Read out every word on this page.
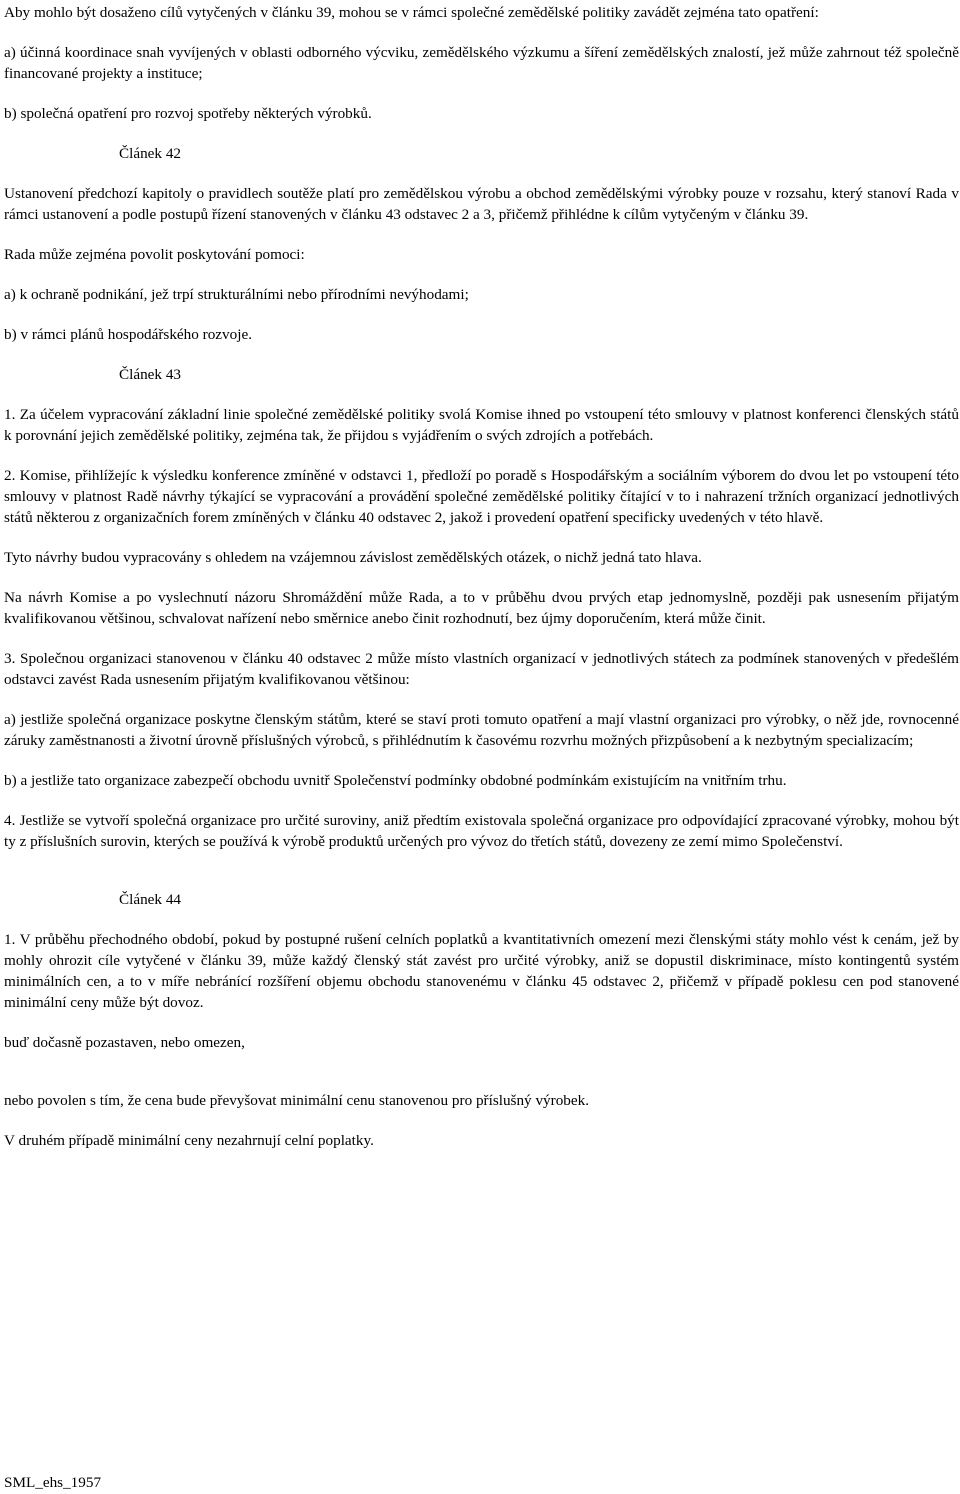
Aby mohlo být dosaženo cílů vytyčených v článku 39, mohou se v rámci společné zemědělské politiky zavádět zejména tato opatření:

a) účinná koordinace snah vyvíjených v oblasti odborného výcviku, zemědělského výzkumu a šíření zemědělských znalostí, jež může zahrnout též společně financované projekty a instituce;

b) společná opatření pro rozvoj spotřeby některých výrobků.

Článek 42

Ustanovení předchozí kapitoly o pravidlech soutěže platí pro zemědělskou výrobu a obchod zemědělskými výrobky pouze v rozsahu, který stanoví Rada v rámci ustanovení a podle postupů řízení stanovených v článku 43 odstavec 2 a 3, přičemž přihlédne k cílům vytyčeným v článku 39.

Rada může zejména povolit poskytování pomoci:

a) k ochraně podnikání, jež trpí strukturálními nebo přírodními nevýhodami;

b) v rámci plánů hospodářského rozvoje.

Článek 43

1. Za účelem vypracování základní linie společné zemědělské politiky svolá Komise ihned po vstoupení této smlouvy v platnost konferenci členských států k porovnání jejich zemědělské politiky, zejména tak, že přijdou s vyjádřením o svých zdrojích a potřebách.

2. Komise, přihlížejíc k výsledku konference zmíněné v odstavci 1, předloží po poradě s Hospodářským a sociálním výborem do dvou let po vstoupení této smlouvy v platnost Radě návrhy týkající se vypracování a provádění společné zemědělské politiky čítající v to i nahrazení tržních organizací jednotlivých států některou z organizačních forem zmíněných v článku 40 odstavec 2, jakož i provedení opatření specificky uvedených v této hlavě.

Tyto návrhy budou vypracovány s ohledem na vzájemnou závislost zemědělských otázek, o nichž jedná tato hlava.

Na návrh Komise a po vyslechnutí názoru Shromáždění může Rada, a to v průběhu dvou prvých etap jednomyslně, později pak usnesením přijatým kvalifikovanou většinou, schvalovat nařízení nebo směrnice anebo činit rozhodnutí, bez újmy doporučením, která může činit.

3. Společnou organizaci stanovenou v článku 40 odstavec 2 může místo vlastních organizací v jednotlivých státech za podmínek stanovených v předešlém odstavci zavést Rada usnesením přijatým kvalifikovanou většinou:

a) jestliže společná organizace poskytne členským státům, které se staví proti tomuto opatření a mají vlastní organizaci pro výrobky, o něž jde, rovnocenné záruky zaměstnanosti a životní úrovně příslušných výrobců, s přihlédnutím k časovému rozvrhu možných přizpůsobení a k nezbytným specializacím;

b) a jestliže tato organizace zabezpečí obchodu uvnitř Společenství podmínky obdobné podmínkám existujícím na vnitřním trhu.

4. Jestliže se vytvoří společná organizace pro určité suroviny, aniž předtím existovala společná organizace pro odpovídající zpracované výrobky, mohou být ty z příslušních surovin, kterých se používá k výrobě produktů určených pro vývoz do třetích států, dovezeny ze zemí mimo Společenství.

Článek 44

1. V průběhu přechodného období, pokud by postupné rušení celních poplatků a kvantitativních omezení mezi členskými státy mohlo vést k cenám, jež by mohly ohrozit cíle vytyčené v článku 39, může každý členský stát zavést pro určité výrobky, aniž se dopustil diskriminace, místo kontingentů systém minimálních cen, a to v míře nebránící rozšíření objemu obchodu stanovenému v článku 45 odstavec 2, přičemž v případě poklesu cen pod stanovené minimální ceny může být dovoz.

buď dočasně pozastaven, nebo omezen,

nebo povolen s tím, že cena bude převyšovat minimální cenu stanovenou pro příslušný výrobek.

V druhém případě minimální ceny nezahrnují celní poplatky.

SML_ehs_1957
